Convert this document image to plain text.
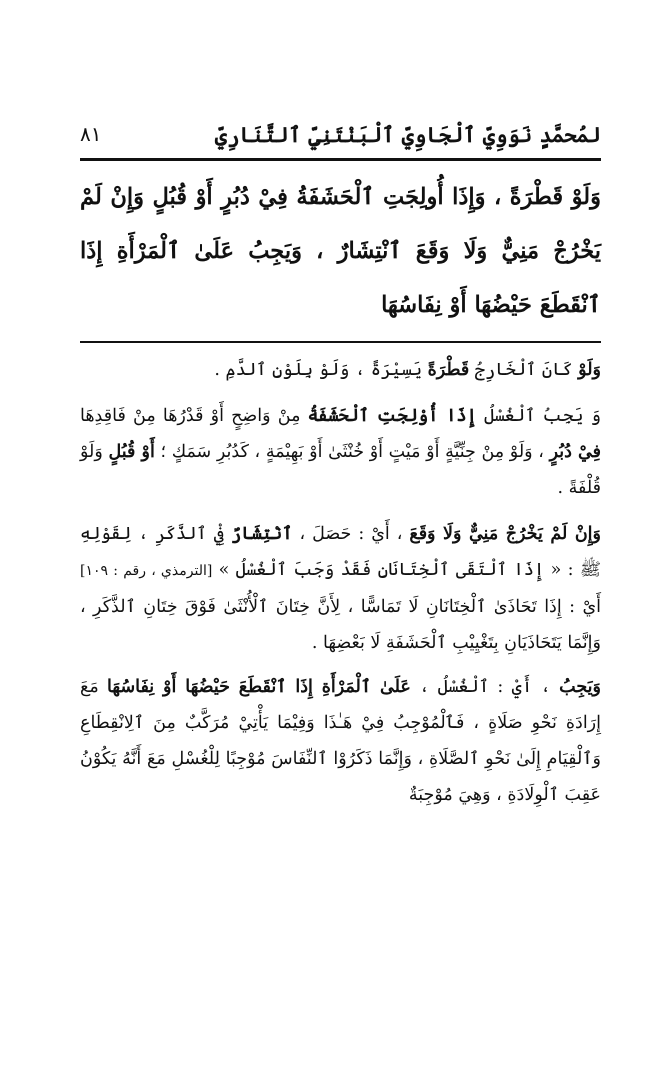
لمُحمَّدٍ نَوَوِيِّ ٱلْجَاوِيِّ ٱلْبَنْتَنِيِّ ٱلتَّنَارِيِّ
٨١
وَلَوْ قَطْرَةً ، وَإِذَا أُولِجَتِ ٱلْحَشَفَةُ فِيْ دُبُرٍ أَوْ قُبُلٍ وَإِنْ لَمْ يَخْرُجْ مَنِيٌّ وَلَا وَقَعَ ٱنْتِشَارٌ ، وَيَجِبُ عَلَىٰ ٱلْمَرْأَةِ إِذَا ٱنْقَطَعَ حَيْضُهَا أَوْ نِفَاسُهَا

وَلَوْ كَانَ ٱلْخَارِجُ قَطْرَةً يَسِيْرَةً ، وَلَوْ بِلَوْنِ ٱلدَّمِ .

وَ يَجِبُ ٱلْغُسْلُ إِذَا أُوْلِجَتِ ٱلْحَشَفَةُ مِنْ وَاضِحٍ أَوْ قَدْرُهَا مِنْ فَاقِدِهَا فِيْ دُبُرٍ ، وَلَوْ مِنْ جِنِّيَّةٍ أَوْ مَيْتٍ أَوْ خُنْثَىٰ أَوْ بَهِيْمَةٍ ، كَدُبُرِ سَمَكٍ ؛ أَوْ قُبُلٍ وَلَوْ قُلْفَةً .

وَإِنْ لَمْ يَخْرُجْ مَنِيٌّ وَلَا وَقَعَ ، أَيْ : حَصَلَ ، ٱنْتِشَارٌ فِيْ ٱلذَّكَرِ ، لِقَوْلِهِ ﷺ : « إِذَا ٱلْتَقَى ٱلْخِتَانَانِ فَقَدْ وَجَبَ ٱلْغُسْلُ » [الترمذي ، رقم : ١٠٩] أَيْ : إِذَا تَحَاذَىٰ ٱلْخِتَانَانِ لَا تَمَاسًّا ، لِأَنَّ خِتَانَ ٱلْأُنْثَىٰ فَوْقَ خِتَانِ ٱلذَّكَرِ ، وَإِنَّمَا يَتَحَاذَيَانِ بِتَغْيِيْبِ ٱلْحَشَفَةِ لَا بَعْضِهَا .

وَيَجِبُ ، أَيْ : ٱلْغُسْلُ ، عَلَىٰ ٱلْمَرْأَةِ إِذَا ٱنْقَطَعَ حَيْضُهَا أَوْ نِفَاسُهَا مَعَ إِرَادَةِ نَحْوِ صَلَاةٍ ، فَٱلْمُوْجِبُ فِيْ هَـٰذَا وَفِيْمَا يَأْتِيْ مُرَكَّبٌ مِنَ ٱلِانْقِطَاعِ وَٱلْقِيَامِ إِلَىٰ نَحْوِ ٱلصَّلَاةِ ، وَإِنَّمَا ذَكَرُوْا ٱلنِّفَاسَ مُوْجِبًا لِلْغُسْلِ مَعَ أَنَّهُ يَكُوْنُ عَقِبَ ٱلْوِلَادَةِ ، وَهِيَ مُوْجِبَةٌ
